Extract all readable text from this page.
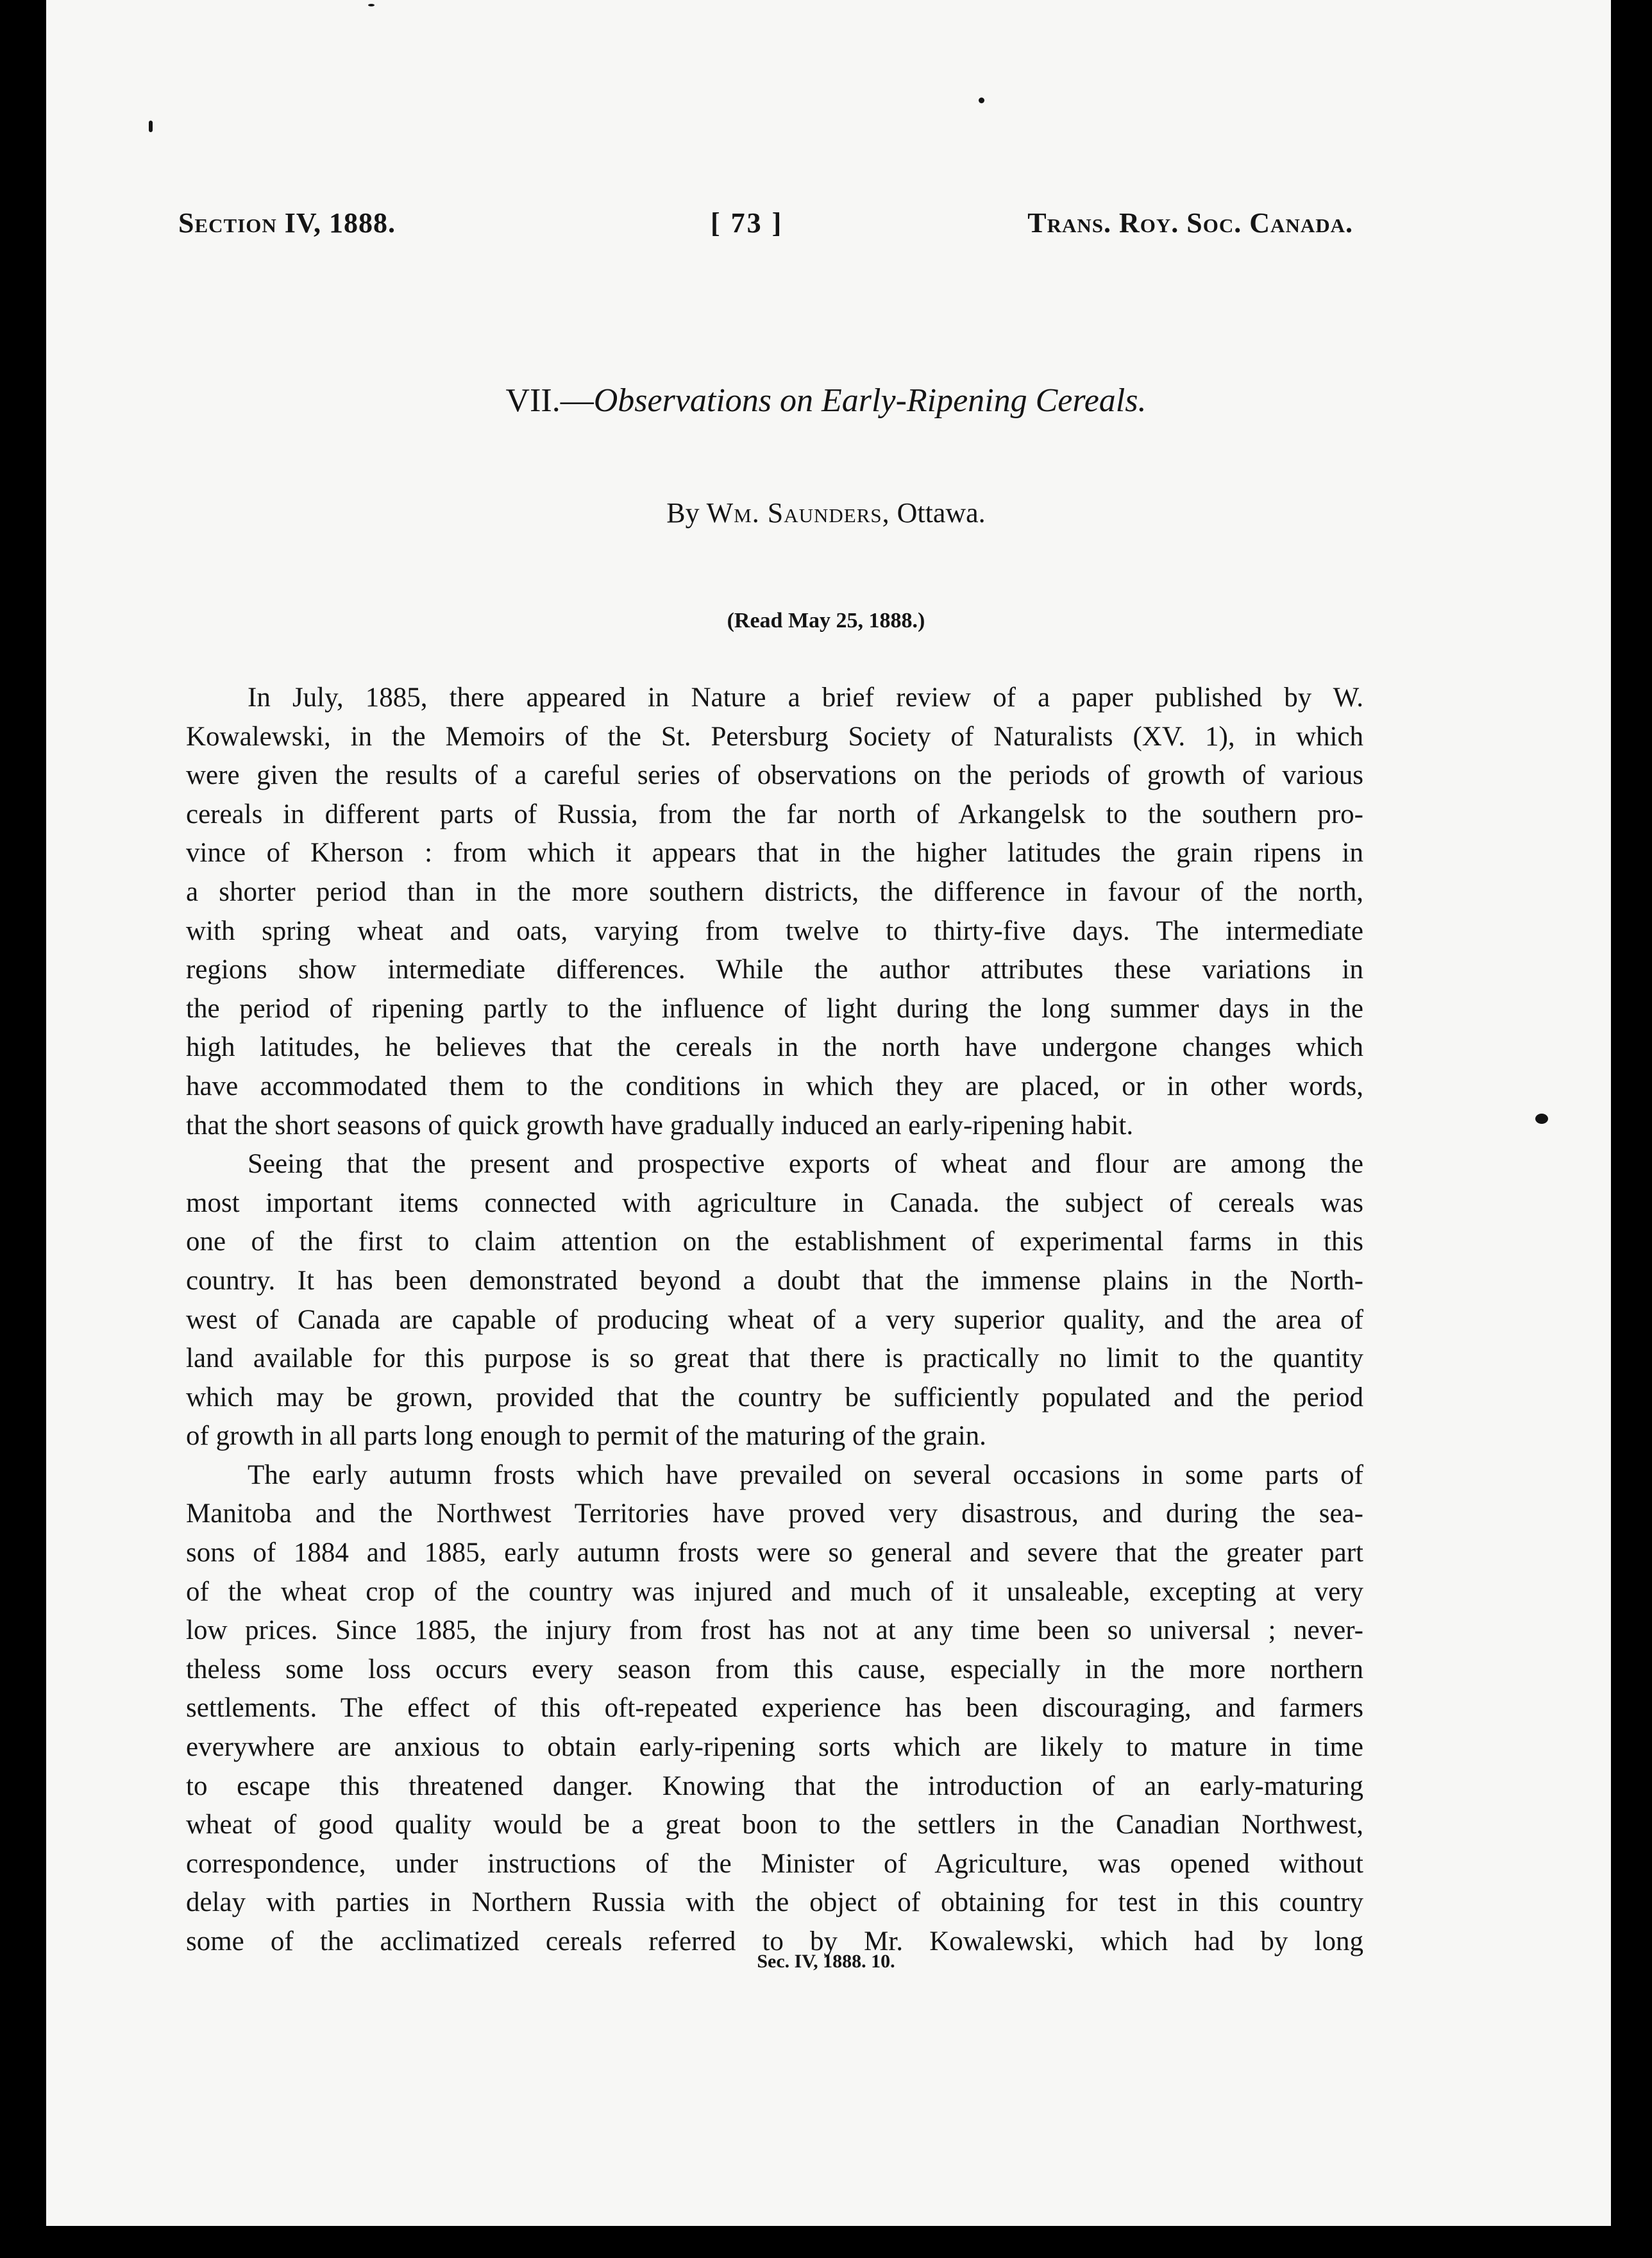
Section IV, 1888.	[ 73 ]	Trans. Roy. Soc. Canada.
VII.—Observations on Early-Ripening Cereals.
By Wm. Saunders, Ottawa.
(Read May 25, 1888.)
In July, 1885, there appeared in Nature a brief review of a paper published by W.
Kowalewski, in the Memoirs of the St. Petersburg Society of Naturalists (XV. 1), in which
were given the results of a careful series of observations on the periods of growth of various
cereals in different parts of Russia, from the far north of Arkangelsk to the southern pro-
vince of Kherson : from which it appears that in the higher latitudes the grain ripens in
a shorter period than in the more southern districts, the difference in favour of the north,
with spring wheat and oats, varying from twelve to thirty-five days. The intermediate
regions show intermediate differences. While the author attributes these variations in
the period of ripening partly to the influence of light during the long summer days in the
high latitudes, he believes that the cereals in the north have undergone changes which
have accommodated them to the conditions in which they are placed, or in other words,
that the short seasons of quick growth have gradually induced an early-ripening habit.
Seeing that the present and prospective exports of wheat and flour are among the
most important items connected with agriculture in Canada. the subject of cereals was
one of the first to claim attention on the establishment of experimental farms in this
country. It has been demonstrated beyond a doubt that the immense plains in the North-
west of Canada are capable of producing wheat of a very superior quality, and the area of
land available for this purpose is so great that there is practically no limit to the quantity
which may be grown, provided that the country be sufficiently populated and the period
of growth in all parts long enough to permit of the maturing of the grain.
The early autumn frosts which have prevailed on several occasions in some parts of
Manitoba and the Northwest Territories have proved very disastrous, and during the sea-
sons of 1884 and 1885, early autumn frosts were so general and severe that the greater part
of the wheat crop of the country was injured and much of it unsaleable, excepting at very
low prices. Since 1885, the injury from frost has not at any time been so universal ; never-
theless some loss occurs every season from this cause, especially in the more northern
settlements. The effect of this oft-repeated experience has been discouraging, and farmers
everywhere are anxious to obtain early-ripening sorts which are likely to mature in time
to escape this threatened danger. Knowing that the introduction of an early-maturing
wheat of good quality would be a great boon to the settlers in the Canadian Northwest,
correspondence, under instructions of the Minister of Agriculture, was opened without
delay with parties in Northern Russia with the object of obtaining for test in this country
some of the acclimatized cereals referred to by Mr. Kowalewski, which had by long
Sec. IV, 1888. 10.
